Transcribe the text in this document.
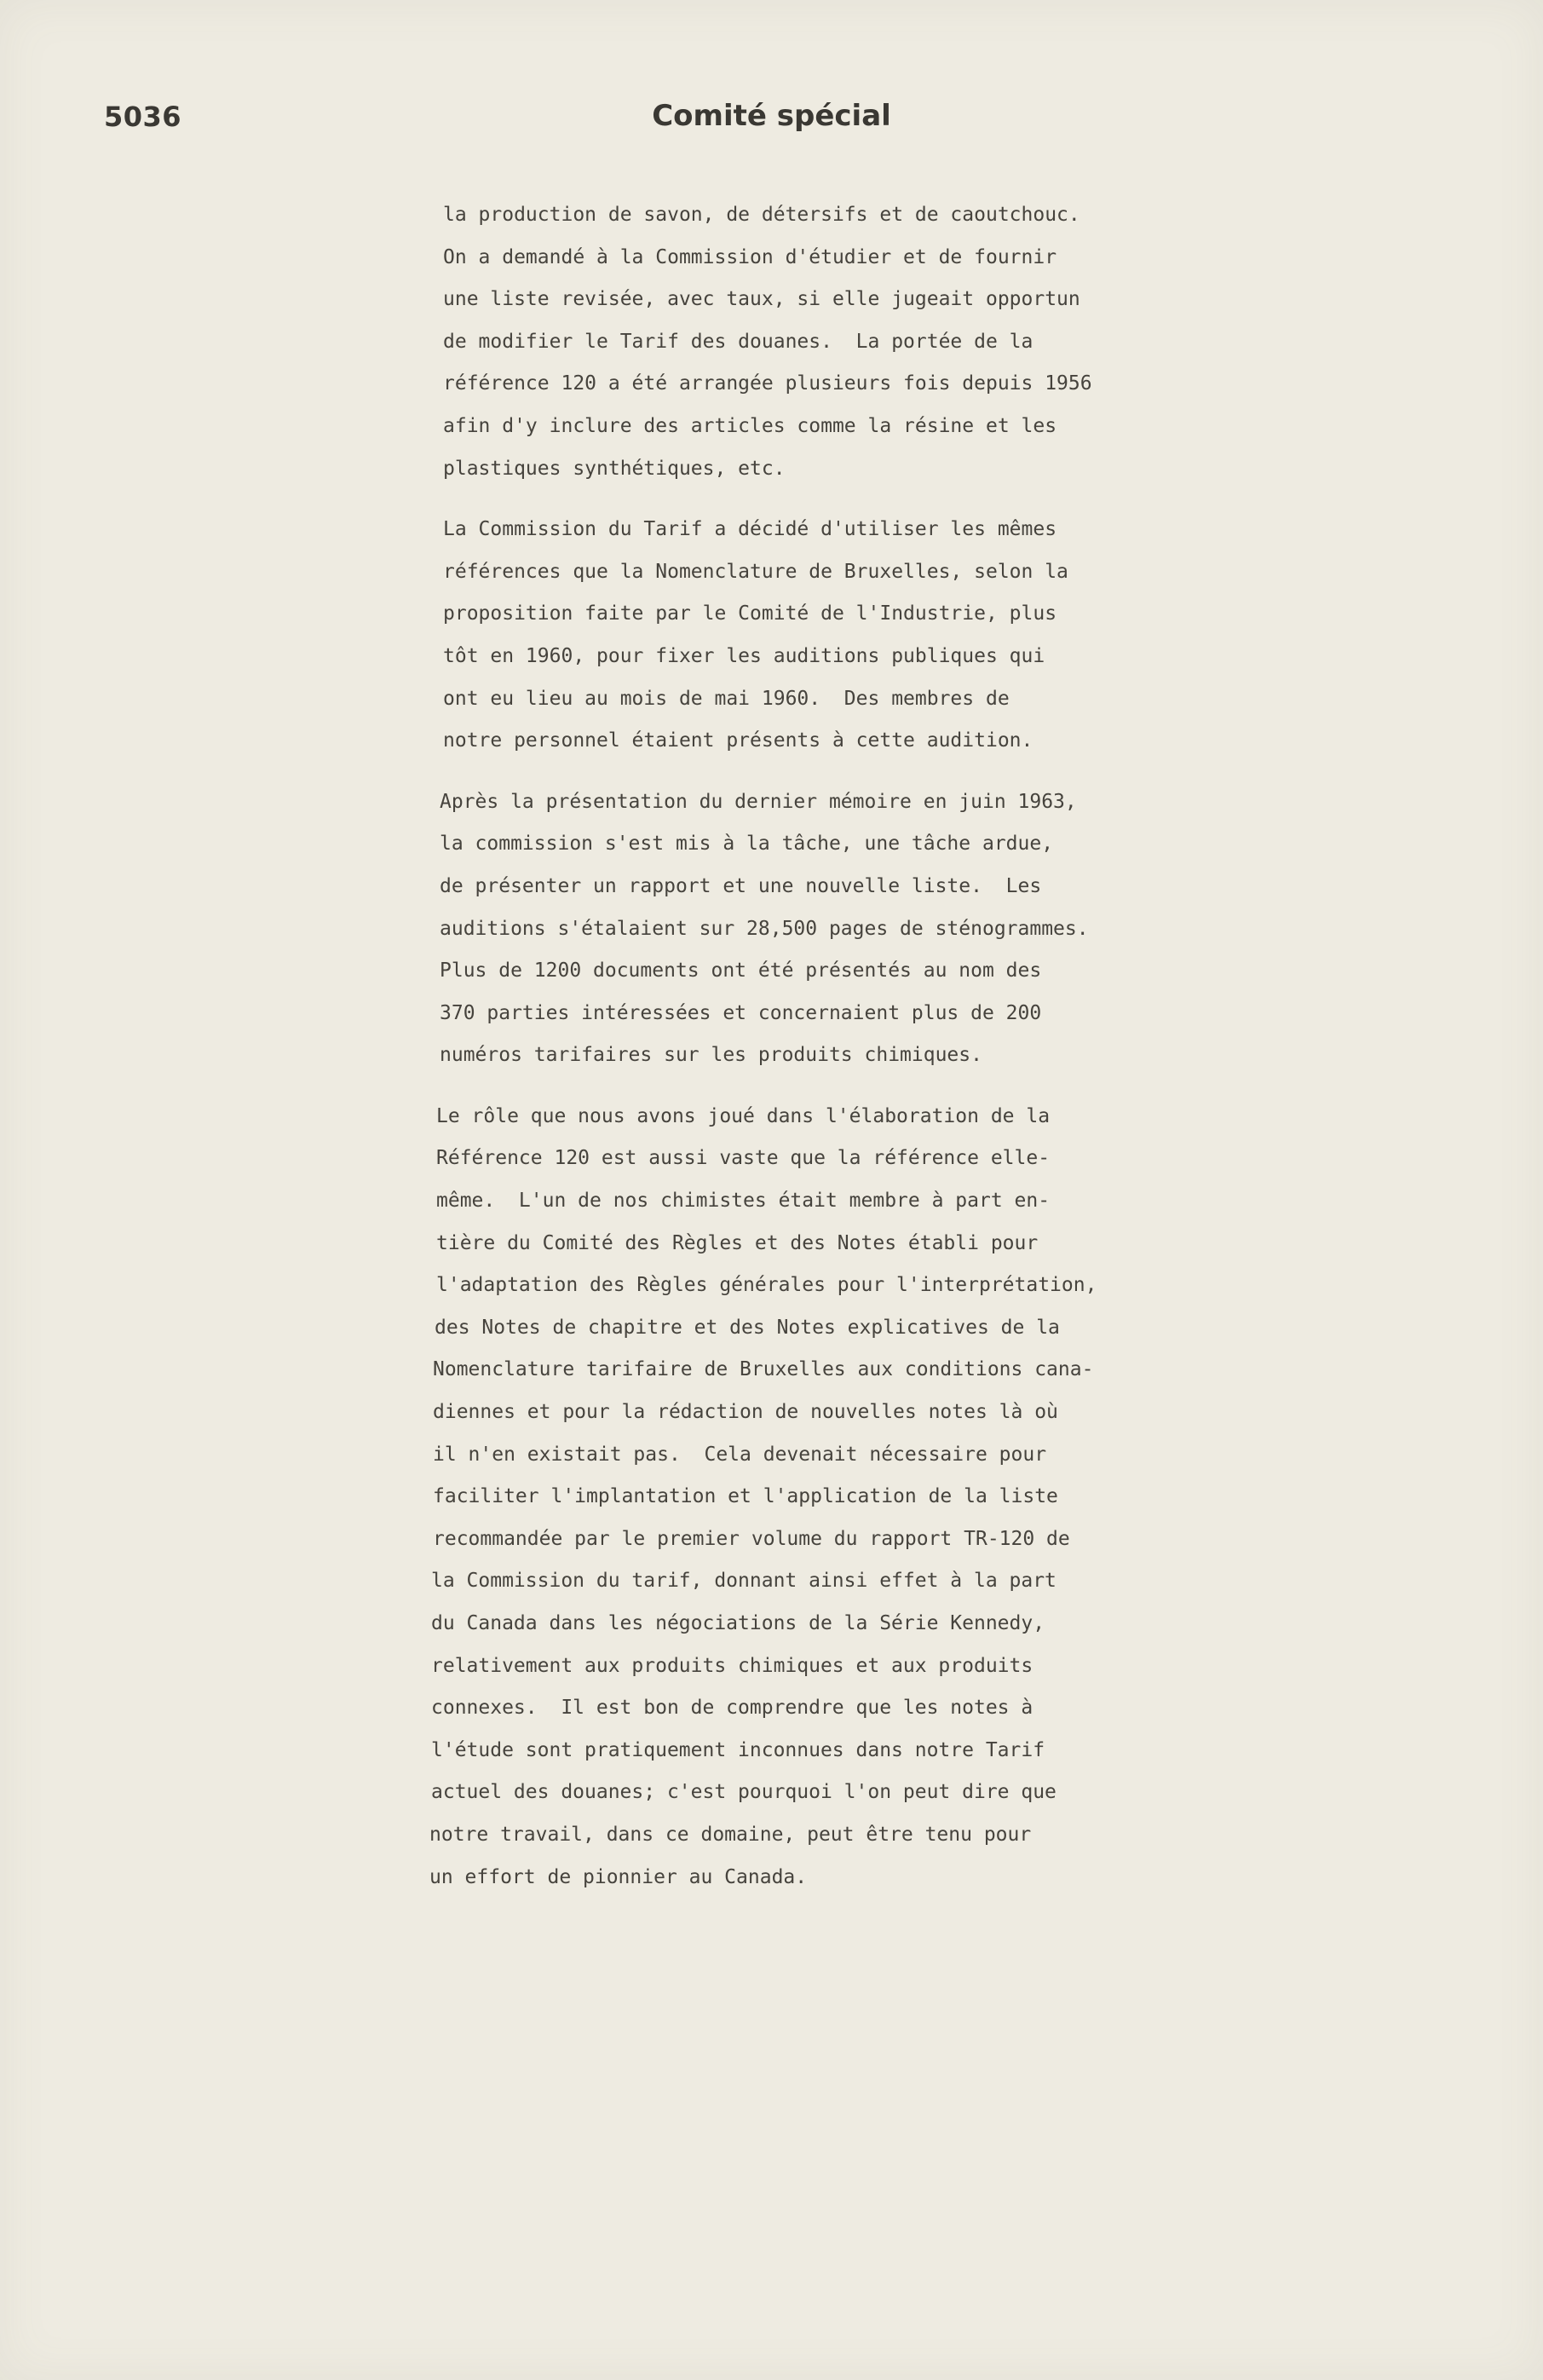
5036	Comité spécial
la production de savon, de détersifs et de caoutchouc.
On a demandé à la Commission d'étudier et de fournir
une liste revisée, avec taux, si elle jugeait opportun
de modifier le Tarif des douanes.  La portée de la
référence 120 a été arrangée plusieurs fois depuis 1956
afin d'y inclure des articles comme la résine et les
plastiques synthétiques, etc.
La Commission du Tarif a décidé d'utiliser les mêmes
références que la Nomenclature de Bruxelles, selon la
proposition faite par le Comité de l'Industrie, plus
tôt en 1960, pour fixer les auditions publiques qui
ont eu lieu au mois de mai 1960.  Des membres de
notre personnel étaient présents à cette audition.
Après la présentation du dernier mémoire en juin 1963,
la commission s'est mis à la tâche, une tâche ardue,
de présenter un rapport et une nouvelle liste.  Les
auditions s'étalaient sur 28,500 pages de sténogrammes.
Plus de 1200 documents ont été présentés au nom des
370 parties intéressées et concernaient plus de 200
numéros tarifaires sur les produits chimiques.
Le rôle que nous avons joué dans l'élaboration de la
Référence 120 est aussi vaste que la référence elle-
même.  L'un de nos chimistes était membre à part en-
tière du Comité des Règles et des Notes établi pour
l'adaptation des Règles générales pour l'interprétation,
des Notes de chapitre et des Notes explicatives de la
Nomenclature tarifaire de Bruxelles aux conditions cana-
diennes et pour la rédaction de nouvelles notes là où
il n'en existait pas.  Cela devenait nécessaire pour
faciliter l'implantation et l'application de la liste
recommandée par le premier volume du rapport TR-120 de
la Commission du tarif, donnant ainsi effet à la part
du Canada dans les négociations de la Série Kennedy,
relativement aux produits chimiques et aux produits
connexes.  Il est bon de comprendre que les notes à
l'étude sont pratiquement inconnues dans notre Tarif
actuel des douanes; c'est pourquoi l'on peut dire que
notre travail, dans ce domaine, peut être tenu pour
un effort de pionnier au Canada.
